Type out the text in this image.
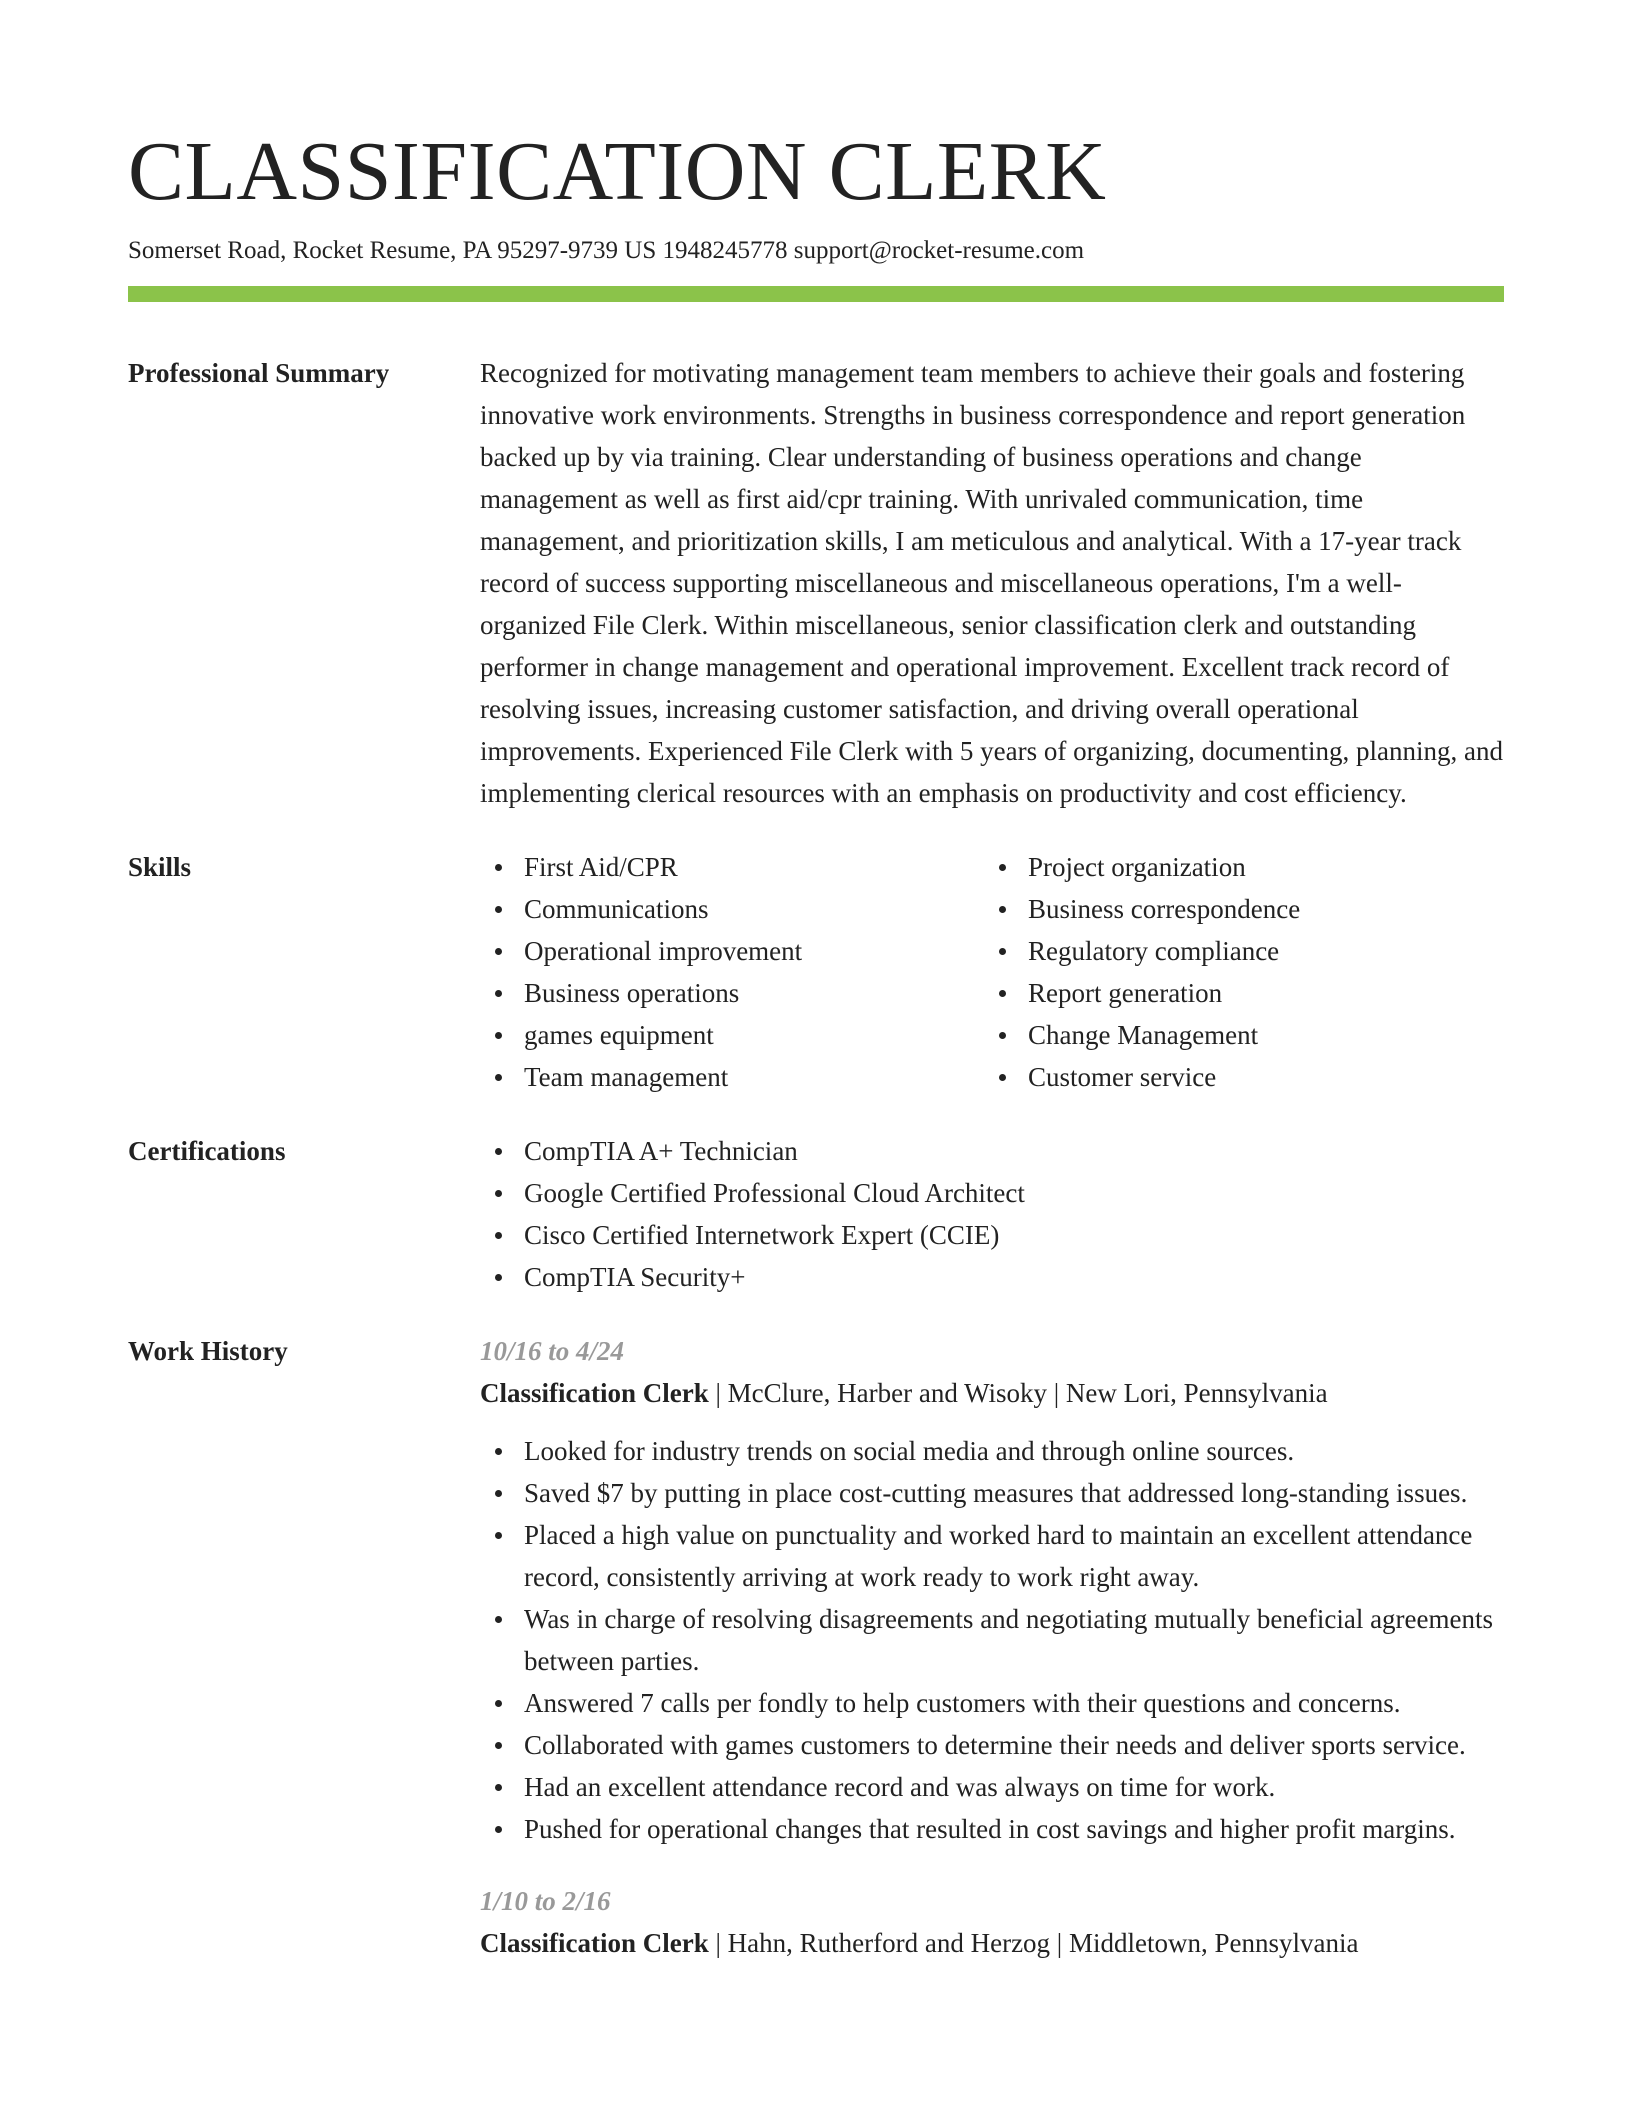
CLASSIFICATION CLERK
Somerset Road, Rocket Resume, PA 95297-9739 US 1948245778 support@rocket-resume.com
Professional Summary	Recognized for motivating management team members to achieve their goals and fostering innovative work environments. Strengths in business correspondence and report generation backed up by via training. Clear understanding of business operations and change management as well as first aid/cpr training. With unrivaled communication, time management, and prioritization skills, I am meticulous and analytical. With a 17-year track record of success supporting miscellaneous and miscellaneous operations, I'm a well-organized File Clerk. Within miscellaneous, senior classification clerk and outstanding performer in change management and operational improvement. Excellent track record of resolving issues, increasing customer satisfaction, and driving overall operational improvements. Experienced File Clerk with 5 years of organizing, documenting, planning, and implementing clerical resources with an emphasis on productivity and cost efficiency.
Skills	First Aid/CPR
Communications
Operational improvement
Business operations
games equipment
Team management
Project organization
Business correspondence
Regulatory compliance
Report generation
Change Management
Customer service
Certifications	CompTIA A+ Technician
Google Certified Professional Cloud Architect
Cisco Certified Internetwork Expert (CCIE)
CompTIA Security+
Work History	10/16 to 4/24
Classification Clerk | McClure, Harber and Wisoky | New Lori, Pennsylvania
Looked for industry trends on social media and through online sources.
Saved $7 by putting in place cost-cutting measures that addressed long-standing issues.
Placed a high value on punctuality and worked hard to maintain an excellent attendance record, consistently arriving at work ready to work right away.
Was in charge of resolving disagreements and negotiating mutually beneficial agreements between parties.
Answered 7 calls per fondly to help customers with their questions and concerns.
Collaborated with games customers to determine their needs and deliver sports service.
Had an excellent attendance record and was always on time for work.
Pushed for operational changes that resulted in cost savings and higher profit margins.
1/10 to 2/16
Classification Clerk | Hahn, Rutherford and Herzog | Middletown, Pennsylvania
